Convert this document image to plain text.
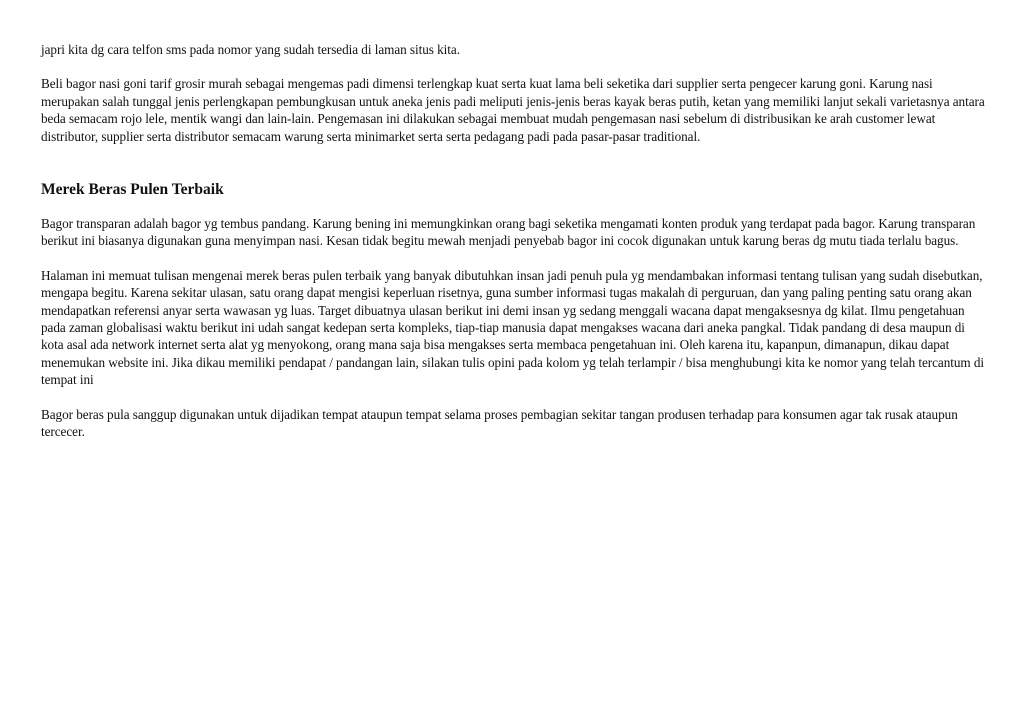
japri kita dg cara telfon sms pada nomor yang sudah tersedia di laman situs kita.

Beli bagor nasi goni tarif grosir murah sebagai mengemas padi dimensi terlengkap kuat serta kuat lama beli seketika dari supplier serta pengecer karung goni. Karung nasi merupakan salah tunggal jenis perlengkapan pembungkusan untuk aneka jenis padi meliputi jenis-jenis beras kayak beras putih, ketan yang memiliki lanjut sekali varietasnya antara beda semacam rojo lele, mentik wangi dan lain-lain. Pengemasan ini dilakukan sebagai membuat mudah pengemasan nasi sebelum di distribusikan ke arah customer lewat distributor, supplier serta distributor semacam warung serta minimarket serta serta pedagang padi pada pasar-pasar traditional.

Merek Beras Pulen Terbaik

Bagor transparan adalah bagor yg tembus pandang. Karung bening ini memungkinkan orang bagi seketika mengamati konten produk yang terdapat pada bagor. Karung transparan berikut ini biasanya digunakan guna menyimpan nasi. Kesan tidak begitu mewah menjadi penyebab bagor ini cocok digunakan untuk karung beras dg mutu tiada terlalu bagus.

Halaman ini memuat tulisan mengenai merek beras pulen terbaik yang banyak dibutuhkan insan jadi penuh pula yg mendambakan informasi tentang tulisan yang sudah disebutkan, mengapa begitu. Karena sekitar ulasan, satu orang dapat mengisi keperluan risetnya, guna sumber informasi tugas makalah di perguruan, dan yang paling penting satu orang akan mendapatkan referensi anyar serta wawasan yg luas. Target dibuatnya ulasan berikut ini demi insan yg sedang menggali wacana dapat mengaksesnya dg kilat. Ilmu pengetahuan pada zaman globalisasi waktu berikut ini udah sangat kedepan serta kompleks, tiap-tiap manusia dapat mengakses wacana dari aneka pangkal. Tidak pandang di desa maupun di kota asal ada network internet serta alat yg menyokong, orang mana saja bisa mengakses serta membaca pengetahuan ini. Oleh karena itu, kapanpun, dimanapun, dikau dapat menemukan website ini. Jika dikau memiliki pendapat / pandangan lain, silakan tulis opini pada kolom yg telah terlampir / bisa menghubungi kita ke nomor yang telah tercantum di tempat ini

Bagor beras pula sanggup digunakan untuk dijadikan tempat ataupun tempat selama proses pembagian sekitar tangan produsen terhadap para konsumen agar tak rusak ataupun tercecer.
